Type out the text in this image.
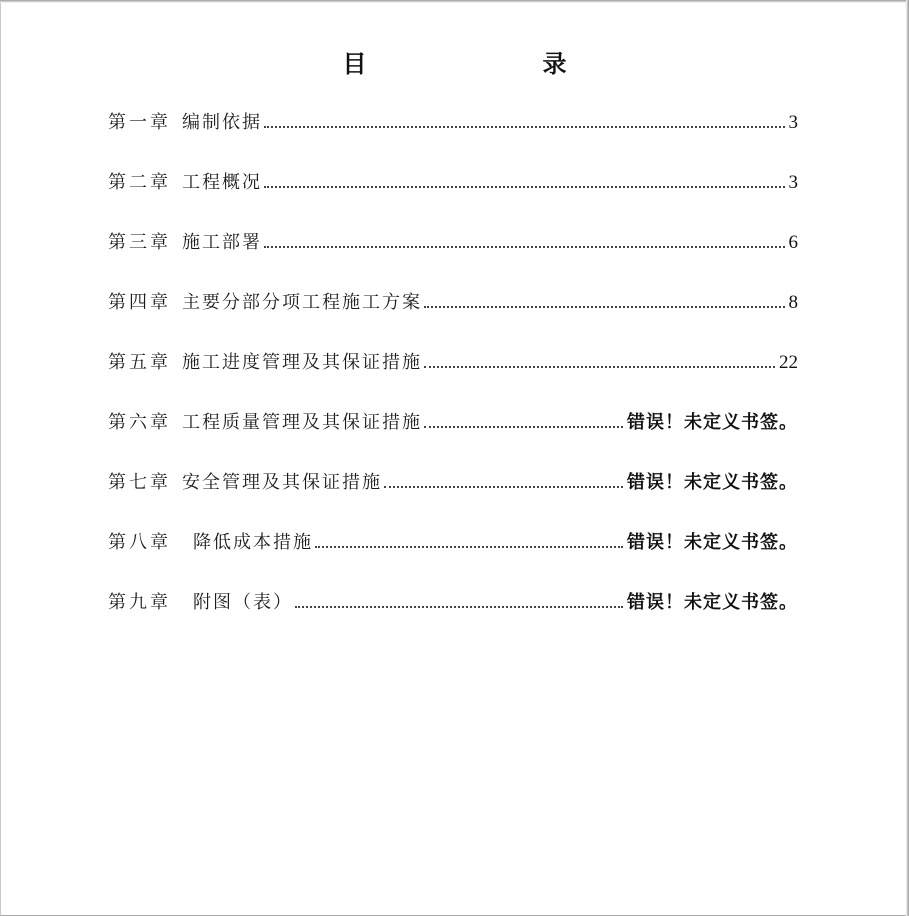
目　录
第一章 编制依据	3
第二章 工程概况	3
第三章 施工部署	6
第四章 主要分部分项工程施工方案	8
第五章 施工进度管理及其保证措施	22
第六章 工程质量管理及其保证措施	错误！未定义书签。
第七章 安全管理及其保证措施	错误！未定义书签。
第八章 降低成本措施	错误！未定义书签。
第九章 附图（表）	错误！未定义书签。
